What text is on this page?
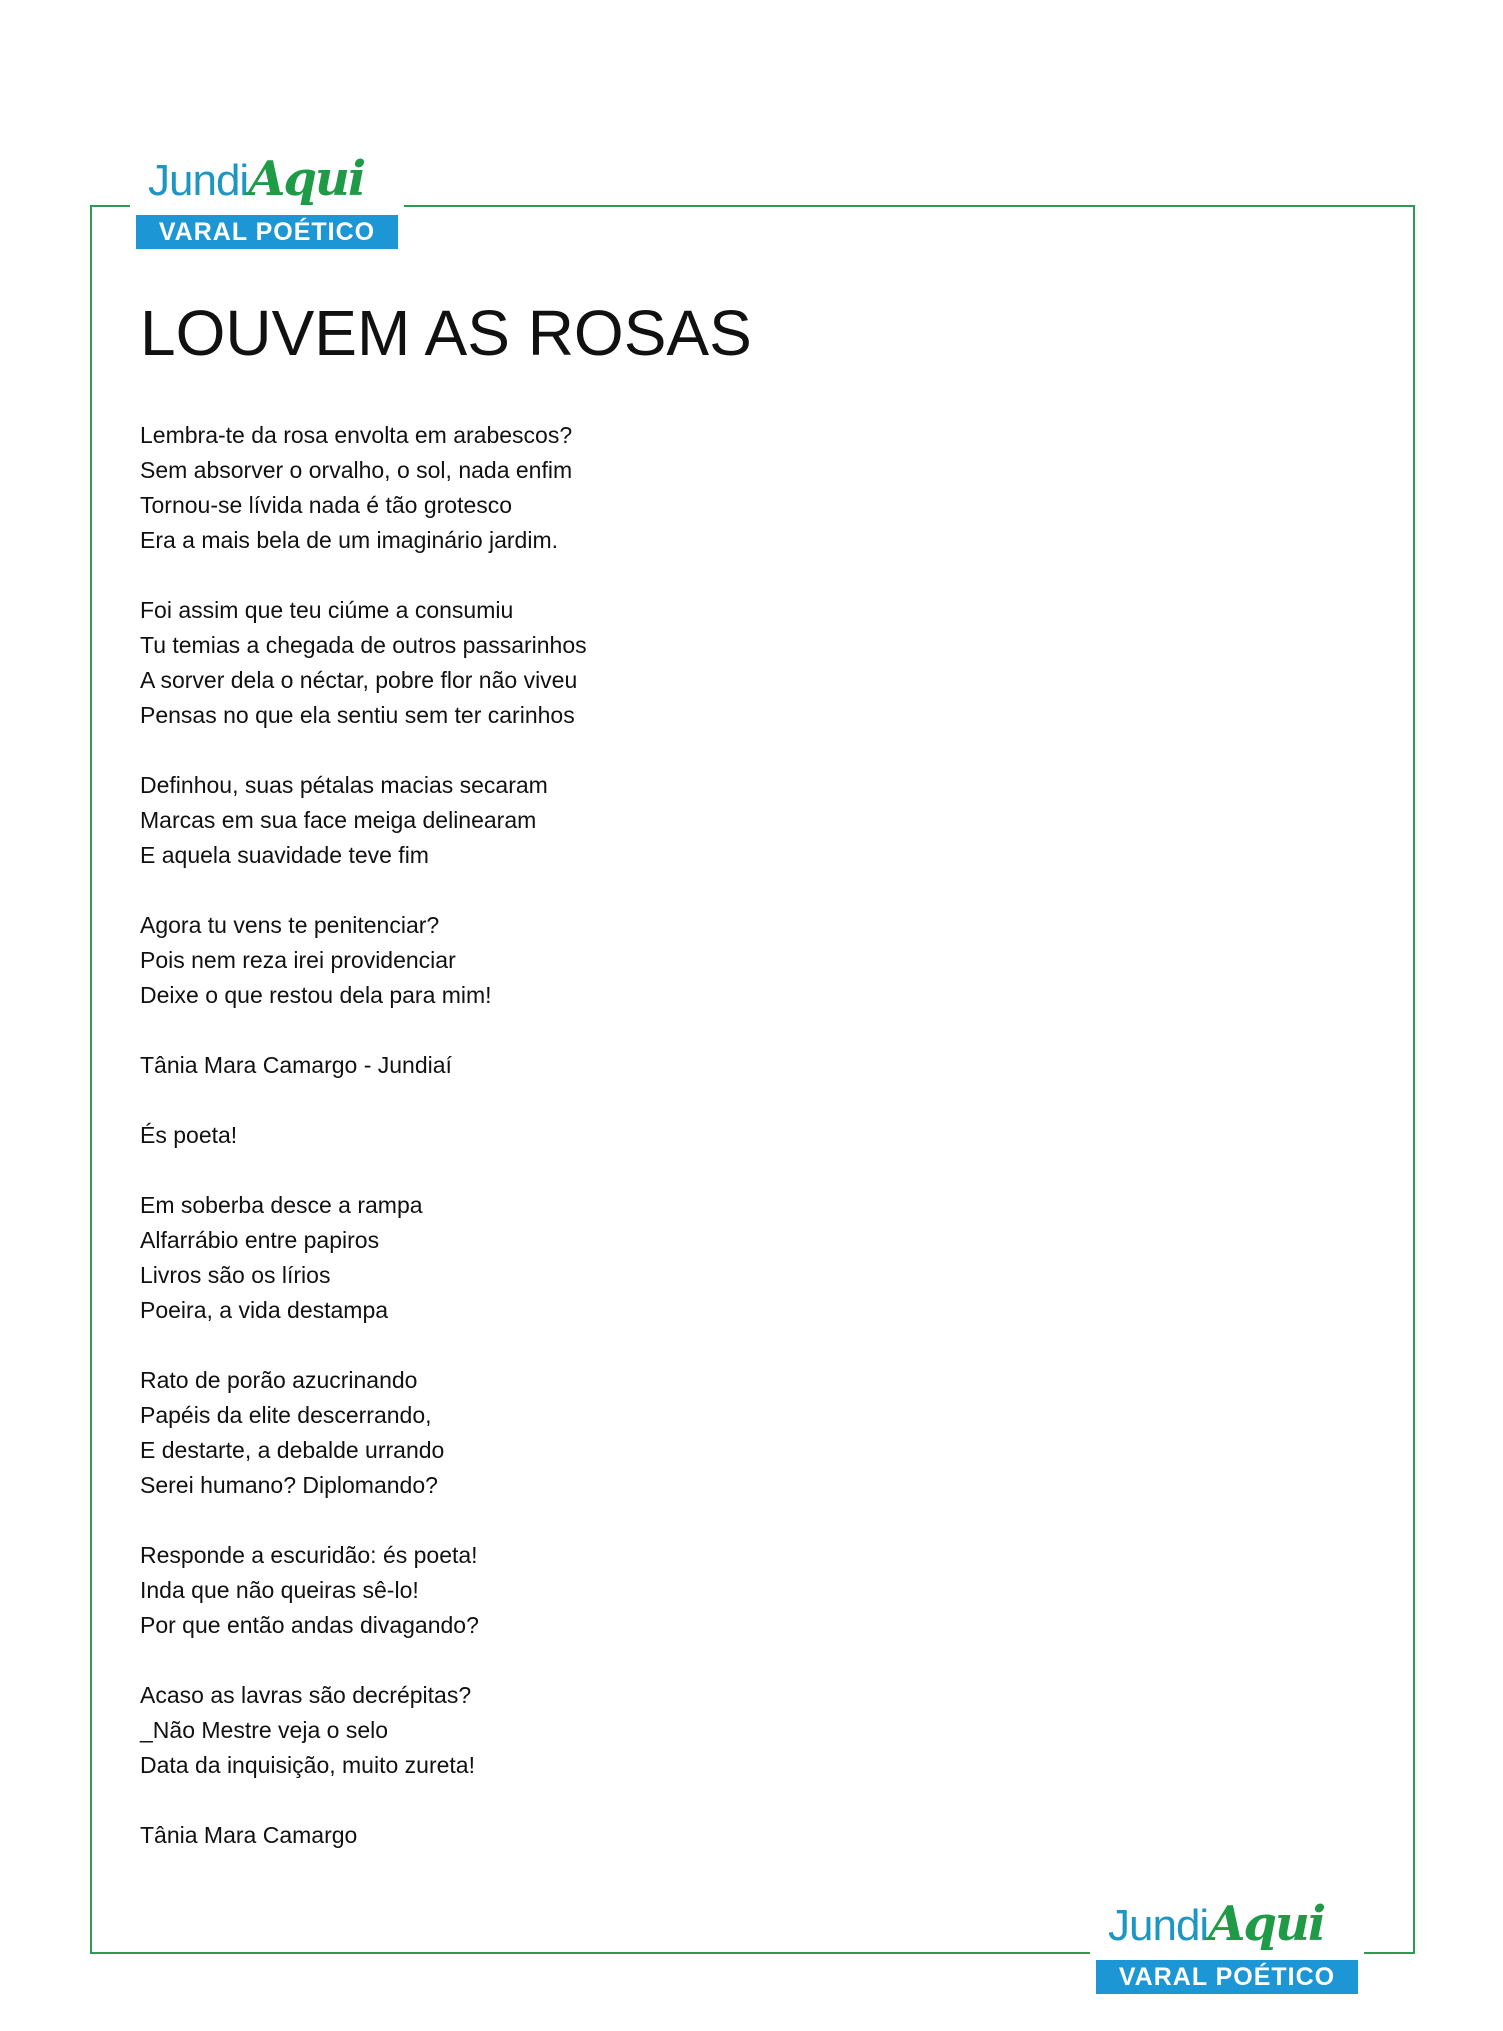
JundiAqui
VARAL POÉTICO
LOUVEM AS ROSAS
Lembra-te da rosa envolta em arabescos?
Sem absorver o orvalho, o sol, nada enfim
Tornou-se lívida nada é tão grotesco
Era a mais bela de um imaginário jardim.
Foi assim que teu ciúme a consumiu
Tu temias a chegada de outros passarinhos
A sorver dela o néctar, pobre flor não viveu
Pensas no que ela sentiu sem ter carinhos
Definhou, suas pétalas macias secaram
Marcas em sua face meiga delinearam
E aquela suavidade teve fim
Agora tu vens te penitenciar?
Pois nem reza irei providenciar
Deixe o que restou dela para mim!
Tânia Mara Camargo - Jundiaí
És poeta!
Em soberba desce a rampa
Alfarrábio entre papiros
Livros são os lírios
Poeira, a vida destampa
Rato de porão azucrinando
Papéis da elite descerrando,
E destarte, a debalde urrando
Serei humano? Diplomando?
Responde a escuridão: és poeta!
Inda que não queiras sê-lo!
Por que então andas divagando?
Acaso as lavras são decrépitas?
_Não Mestre veja o selo
Data da inquisição, muito zureta!
Tânia Mara Camargo
JundiAqui
VARAL POÉTICO
